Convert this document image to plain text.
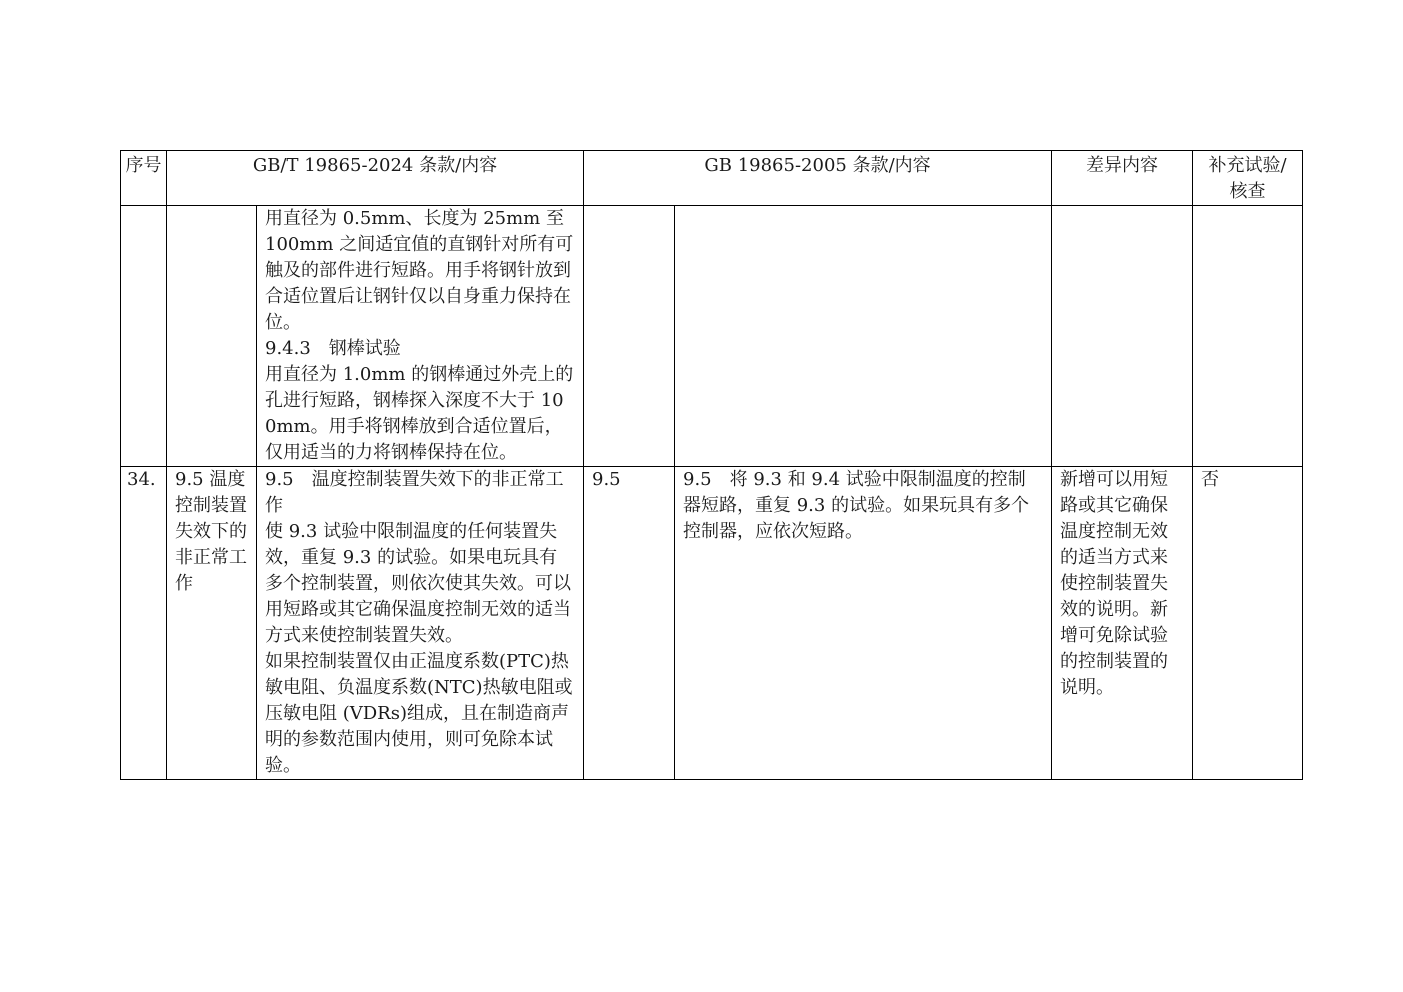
序号	GB/T 19865-2024 条款/内容		GB 19865-2005 条款/内容		差异内容	补充试验/核查

		用直径为 0.5mm、长度为 25mm 至 100mm 之间适宜值的直钢针对所有可触及的部件进行短路。用手将钢针放到合适位置后让钢针仅以自身重力保持在位。
9.4.3　钢棒试验
用直径为 1.0mm 的钢棒通过外壳上的孔进行短路，钢棒探入深度不大于 100mm。用手将钢棒放到合适位置后，仅用适当的力将钢棒保持在位。				

34.	9.5 温度控制装置失效下的非正常工作	9.5　温度控制装置失效下的非正常工作
使 9.3 试验中限制温度的任何装置失效，重复 9.3 的试验。如果电玩具有多个控制装置，则依次使其失效。可以用短路或其它确保温度控制无效的适当方式来使控制装置失效。
如果控制装置仅由正温度系数(PTC)热敏电阻、负温度系数(NTC)热敏电阻或压敏电阻 (VDRs)组成，且在制造商声明的参数范围内使用，则可免除本试验。	9.5	9.5　将 9.3 和 9.4 试验中限制温度的控制器短路，重复 9.3 的试验。如果玩具有多个控制器，应依次短路。	新增可以用短路或其它确保温度控制无效的适当方式来使控制装置失效的说明。新增可免除试验的控制装置的说明。	否
